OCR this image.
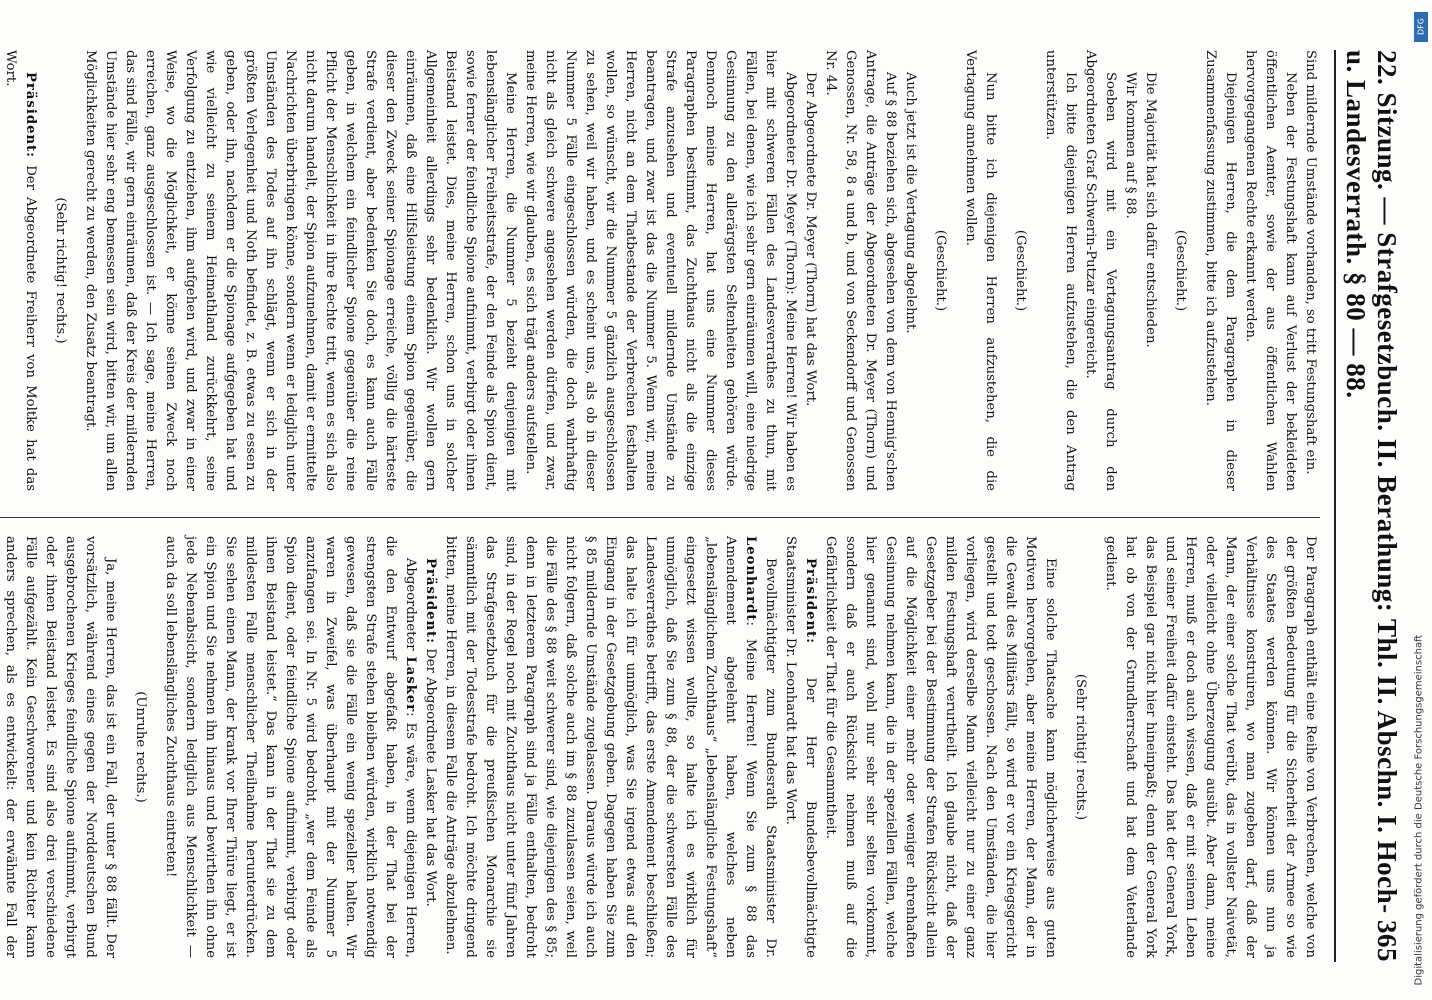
22. Sitzung. — Strafgesetzbuch. II. Berathung: Thl. II. Abschn. I. Hoch- u. Landesverrath. § 80 — 88.
365

Sind mildernde Umstände vorhanden, so tritt Festungshaft ein.

Neben der Festungshaft kann auf Verlust der bekleideten öffentlichen Aemter, sowie der aus öffentlichen Wahlen hervorgegangenen Rechte erkannt werden.

Diejenigen Herren, die dem Paragraphen in dieser Zusammenfassung zustimmen, bitte ich aufzustehen.

(Geschieht.)

Die Majorität hat sich dafür entschieden.

Wir kommen auf § 88.

Soeben wird mit ein Vertagungsantrag durch den Abgeordneten Graf Schwerin-Putzar eingereicht.

Ich bitte diejenigen Herren aufzustehen, die den Antrag unterstützen.

(Geschieht.)

Nun bitte ich diejenigen Herren aufzustehen, die die Vertagung annehmen wollen.

(Geschieht.)

Auch jetzt ist die Vertagung abgelehnt.

Auf § 88 beziehen sich, abgesehen von dem von Hennig'schen Antrage, die Anträge der Abgeordneten Dr. Meyer (Thorn) und Genossen, Nr. 58, 8 a und b, und von Seckendorff und Genossen Nr. 44.

Der Abgeordnete Dr. Meyer (Thorn) hat das Wort.

Abgeordneter Dr. Meyer (Thorn): Meine Herren! Wir haben es hier mit schweren Fällen des Landesverrathes zu thun, mit Fällen, bei denen, wie ich sehr gern einräumen will, eine niedrige Gesinnung zu den allerärgsten Seltenheiten gehören würde. Dennoch meine Herren, hat uns eine Nummer dieses Paragraphen bestimmt, das Zuchthaus nicht als die einzige Strafe anzusehen und eventuell mildernde Umstände zu beantragen, und zwar ist das die Nummer 5. Wenn wir, meine Herren, nicht an dem Thatbestande der Verbrechen festhalten wollen, so wünscht, wir die Nummer 5 gänzlich ausgeschlossen zu sehen, weil wir haben, und es scheint uns, als ob in dieser Nummer 5 Fälle eingeschlossen würden, die doch wahrhaftig nicht als gleich schwere angesehen werden dürfen, und zwar, meine Herren, wie wir glauben, es sich trägt anders aufstellen.

Meine Herren, die Nummer 5 bezieht denjenigen mit lebenslänglicher Freiheitsstrafe, der den Feinde als Spion dient, sowie ferner der feindliche Spione aufnimmt, verbirgt oder ihnen Beistand leistet. Dies, meine Herren, schon uns in solcher Allgemeinheit allerdings sehr bedenklich. Wir wollen gern einräumen, daß eine Hilfsleistung einem Spion gegenüber, die dieser den Zweck seiner Spionage erreiche, völlig die härteste Strafe verdient, aber bedenken Sie doch, es kann auch Fälle geben, in welchem ein feindlicher Spione gegenüber die reine Pflicht der Menschlichkeit in ihre Rechte tritt, wenn es sich also nicht darum handelt, der Spion aufzunehmen, damit er ermittelte Nachrichten überbringen könne, sondern wenn er lediglich unter Umständen des Todes auf ihn schlägt, wenn er sich in der größten Verlegenheit und Noth befindet, z. B. etwas zu essen zu geben, oder ihn, nachdem er die Spionage aufgegeben hat und wie vielleicht zu seinem Heimathland zurückkehrt, seine Verfolgung zu entziehen, ihm aufgehen wird, und zwar in einer Weise, wo die Möglichkeit, er könne seinen Zweck noch erreichen, ganz ausgeschlossen ist. — Ich sage, meine Herren, das sind Fälle, wir gern einräumen, daß der Kreis der mildernden Umstände hier sehr eng bemessen sein wird, bitten wir, um allen Möglichkeiten gerecht zu werden, den Zusatz beantragt.

(Sehr richtig! rechts.)

Präsident: Der Abgeordnete Freiherr von Moltke hat das Wort.

Der Paragraph enthält eine Reihe von Verbrechen, welche von der größten Bedeutung für die Sicherheit der Armee so wie des Staates werden können. Wir können uns nun ja Verhältnisse konstruiren, wo man zugeben darf, daß der Mann, der einer solche That verübt, das in vollster Naivetät, oder vielleicht ohne Überzeugung ausübt. Aber dann, meine Herren, muß er doch auch wissen, daß er mit seinem Leben und seiner Freiheit dafür einsteht. Das hat der General York, das Beispiel gar nicht hier hineinpaßt; denn der General York hat ob von der Grundherrschaft und hat dem Vaterlande gedient.

(Sehr richtig! rechts.)

Eine solche Thatsache kann möglicherweise aus guten Motiven hervorgehen, aber meine Herren, der Mann, der in die Gewalt des Militärs fällt, so wird er vor ein Kriegsgericht gestellt und todt geschossen. Nach den Umständen, die hier vorliegen, wird derselbe Mann vielleicht nur zu einer ganz milden Festungshaft verurtheilt. Ich glaube nicht, daß der Gesetzgeber bei der Bestimmung der Strafen Rücksicht allein auf die Möglichkeit einer mehr oder weniger ehrenhaften Gesinnung nehmen kann, die in der speziellen Fällen, welche hier genannt sind, wohl nur sehr sehr selten vorkommt, sondern daß er auch Rücksicht nehmen muß auf die Gefährlichkeit der That für die Gesammtheit.

Präsident: Der Herr Bundesbevollmächtigte Staatsminister Dr. Leonhardt hat das Wort.

Bevollmächtigter zum Bundesrath Staatsminister Dr. Leonhardt: Meine Herren! Wenn Sie zum § 88 das Amendement abgelehnt haben, welches neben „lebenslänglichem Zuchthaus“ „lebenslängliche Festungshaft“ eingesetzt wissen wollte, so halte ich es wirklich für unmöglich, daß Sie zum § 88, der die schwersten Fälle des Landesverrathes betrifft, das erste Amendement beschließen; das halte ich für unmöglich, was Sie irgend etwas auf den Eingang in der Gesetzgebung geben. Dagegen haben Sie zum § 85 mildernde Umstände zugelassen. Daraus würde ich auch nicht folgern, daß solche auch im § 88 zuzulassen seien, weil die Fälle des § 88 weit schwerer sind, wie diejenigen des § 85; denn in letzterem Paragraph sind ja Fälle enthalten, bedroht sind, in der Regel noch mit Zuchthaus nicht unter fünf Jahren das Strafgesetzbuch für die preußischen Monarchie sie sämmtlich mit der Todesstrafe bedroht. Ich möchte dringend bitten, meine Herren, in diesem Falle die Anträge abzulehnen.

Präsident: Der Abgeordnete Lasker hat das Wort.

Abgeordneter Lasker: Es wäre, wenn diejenigen Herren, die den Entwurf abgefaßt haben, in der That bei der strengsten Strafe stehen bleiben würden, wirklich notwendig gewesen, daß sie die Fälle ein wenig spezieller halten. Wir waren in Zweifel, was überhaupt mit der Nummer 5 anzufangen sei. In Nr. 5 wird bedroht, „wer dem Feinde als Spion dient, oder feindliche Spione aufnimmt, verbirgt oder ihnen Beistand leistet.“ Das kann in der That sie zu dem mildesten Falle menschlicher Theilnahme herunterdrücken. Sie sehen einen Mann, der krank vor Ihrer Thüre liegt, er ist ein Spion und Sie nehmen ihn hinaus und bewirthen ihn ohne jede Nebenabsicht, sondern lediglich aus Menschlichkeit — auch da soll lebenslängliches Zuchthaus eintreten!

(Unruhe rechts.)

Ja, meine Herren, das ist ein Fall, der unter § 88 fällt. Der vorsätzlich, während eines gegen der Norddeutschen Bund ausgebrochenen Krieges feindliche Spione aufnimmt, verbirgt oder ihnen Beistand leistet. Es sind also drei verschiedene Fälle aufgezählt. Kein Geschworener und kein Richter kann anders sprechen, als es entwickelt: der erwähnte Fall der

DFG
Digitalisierung gefördert durch die Deutsche Forschungsgemeinschaft
